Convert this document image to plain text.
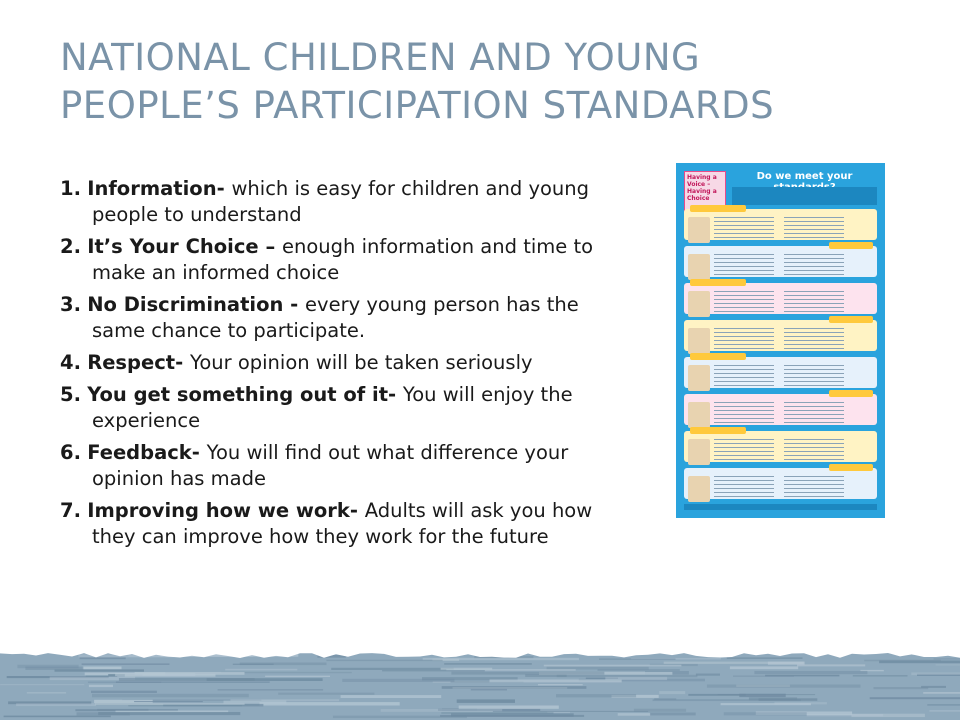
NATIONAL CHILDREN AND YOUNG PEOPLE’S PARTICIPATION STANDARDS
1. Information- which is easy for children and young people to understand
2. It’s Your Choice – enough information and time to make an informed choice
3. No Discrimination - every young person has the same chance to participate.
4. Respect- Your opinion will be taken seriously
5. You get something out of it- You will enjoy the experience
6. Feedback- You will find out what difference your opinion has made
7. Improving how we work- Adults will ask you how they can improve how they work for the future
Having a Voice – Having a Choice
Do we meet your
